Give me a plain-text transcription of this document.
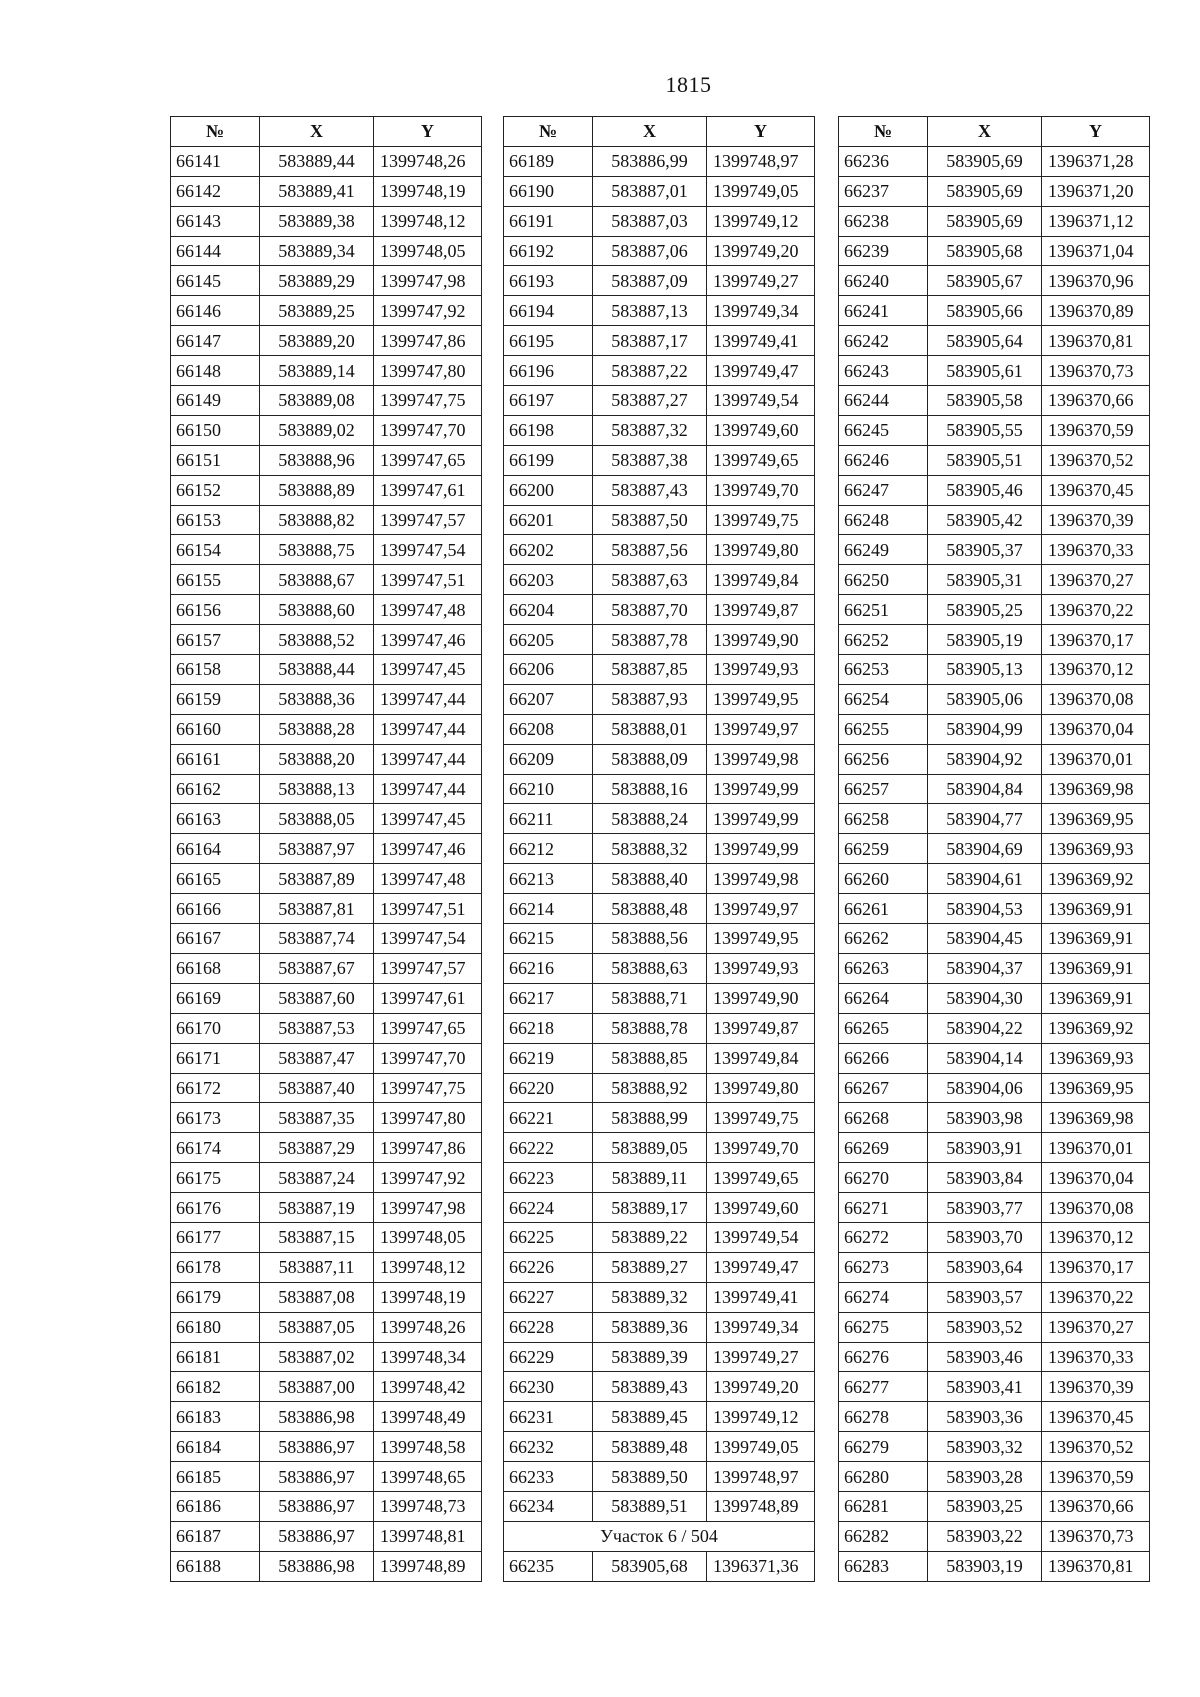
1815
№	X	Y
66141	583889,44	1399748,26
66142	583889,41	1399748,19
66143	583889,38	1399748,12
66144	583889,34	1399748,05
66145	583889,29	1399747,98
66146	583889,25	1399747,92
66147	583889,20	1399747,86
66148	583889,14	1399747,80
66149	583889,08	1399747,75
66150	583889,02	1399747,70
66151	583888,96	1399747,65
66152	583888,89	1399747,61
66153	583888,82	1399747,57
66154	583888,75	1399747,54
66155	583888,67	1399747,51
66156	583888,60	1399747,48
66157	583888,52	1399747,46
66158	583888,44	1399747,45
66159	583888,36	1399747,44
66160	583888,28	1399747,44
66161	583888,20	1399747,44
66162	583888,13	1399747,44
66163	583888,05	1399747,45
66164	583887,97	1399747,46
66165	583887,89	1399747,48
66166	583887,81	1399747,51
66167	583887,74	1399747,54
66168	583887,67	1399747,57
66169	583887,60	1399747,61
66170	583887,53	1399747,65
66171	583887,47	1399747,70
66172	583887,40	1399747,75
66173	583887,35	1399747,80
66174	583887,29	1399747,86
66175	583887,24	1399747,92
66176	583887,19	1399747,98
66177	583887,15	1399748,05
66178	583887,11	1399748,12
66179	583887,08	1399748,19
66180	583887,05	1399748,26
66181	583887,02	1399748,34
66182	583887,00	1399748,42
66183	583886,98	1399748,49
66184	583886,97	1399748,58
66185	583886,97	1399748,65
66186	583886,97	1399748,73
66187	583886,97	1399748,81
66188	583886,98	1399748,89
№	X	Y
66189	583886,99	1399748,97
66190	583887,01	1399749,05
66191	583887,03	1399749,12
66192	583887,06	1399749,20
66193	583887,09	1399749,27
66194	583887,13	1399749,34
66195	583887,17	1399749,41
66196	583887,22	1399749,47
66197	583887,27	1399749,54
66198	583887,32	1399749,60
66199	583887,38	1399749,65
66200	583887,43	1399749,70
66201	583887,50	1399749,75
66202	583887,56	1399749,80
66203	583887,63	1399749,84
66204	583887,70	1399749,87
66205	583887,78	1399749,90
66206	583887,85	1399749,93
66207	583887,93	1399749,95
66208	583888,01	1399749,97
66209	583888,09	1399749,98
66210	583888,16	1399749,99
66211	583888,24	1399749,99
66212	583888,32	1399749,99
66213	583888,40	1399749,98
66214	583888,48	1399749,97
66215	583888,56	1399749,95
66216	583888,63	1399749,93
66217	583888,71	1399749,90
66218	583888,78	1399749,87
66219	583888,85	1399749,84
66220	583888,92	1399749,80
66221	583888,99	1399749,75
66222	583889,05	1399749,70
66223	583889,11	1399749,65
66224	583889,17	1399749,60
66225	583889,22	1399749,54
66226	583889,27	1399749,47
66227	583889,32	1399749,41
66228	583889,36	1399749,34
66229	583889,39	1399749,27
66230	583889,43	1399749,20
66231	583889,45	1399749,12
66232	583889,48	1399749,05
66233	583889,50	1399748,97
66234	583889,51	1399748,89
Участок 6 / 504		
66235	583905,68	1396371,36
№	X	Y
66236	583905,69	1396371,28
66237	583905,69	1396371,20
66238	583905,69	1396371,12
66239	583905,68	1396371,04
66240	583905,67	1396370,96
66241	583905,66	1396370,89
66242	583905,64	1396370,81
66243	583905,61	1396370,73
66244	583905,58	1396370,66
66245	583905,55	1396370,59
66246	583905,51	1396370,52
66247	583905,46	1396370,45
66248	583905,42	1396370,39
66249	583905,37	1396370,33
66250	583905,31	1396370,27
66251	583905,25	1396370,22
66252	583905,19	1396370,17
66253	583905,13	1396370,12
66254	583905,06	1396370,08
66255	583904,99	1396370,04
66256	583904,92	1396370,01
66257	583904,84	1396369,98
66258	583904,77	1396369,95
66259	583904,69	1396369,93
66260	583904,61	1396369,92
66261	583904,53	1396369,91
66262	583904,45	1396369,91
66263	583904,37	1396369,91
66264	583904,30	1396369,91
66265	583904,22	1396369,92
66266	583904,14	1396369,93
66267	583904,06	1396369,95
66268	583903,98	1396369,98
66269	583903,91	1396370,01
66270	583903,84	1396370,04
66271	583903,77	1396370,08
66272	583903,70	1396370,12
66273	583903,64	1396370,17
66274	583903,57	1396370,22
66275	583903,52	1396370,27
66276	583903,46	1396370,33
66277	583903,41	1396370,39
66278	583903,36	1396370,45
66279	583903,32	1396370,52
66280	583903,28	1396370,59
66281	583903,25	1396370,66
66282	583903,22	1396370,73
66283	583903,19	1396370,81
